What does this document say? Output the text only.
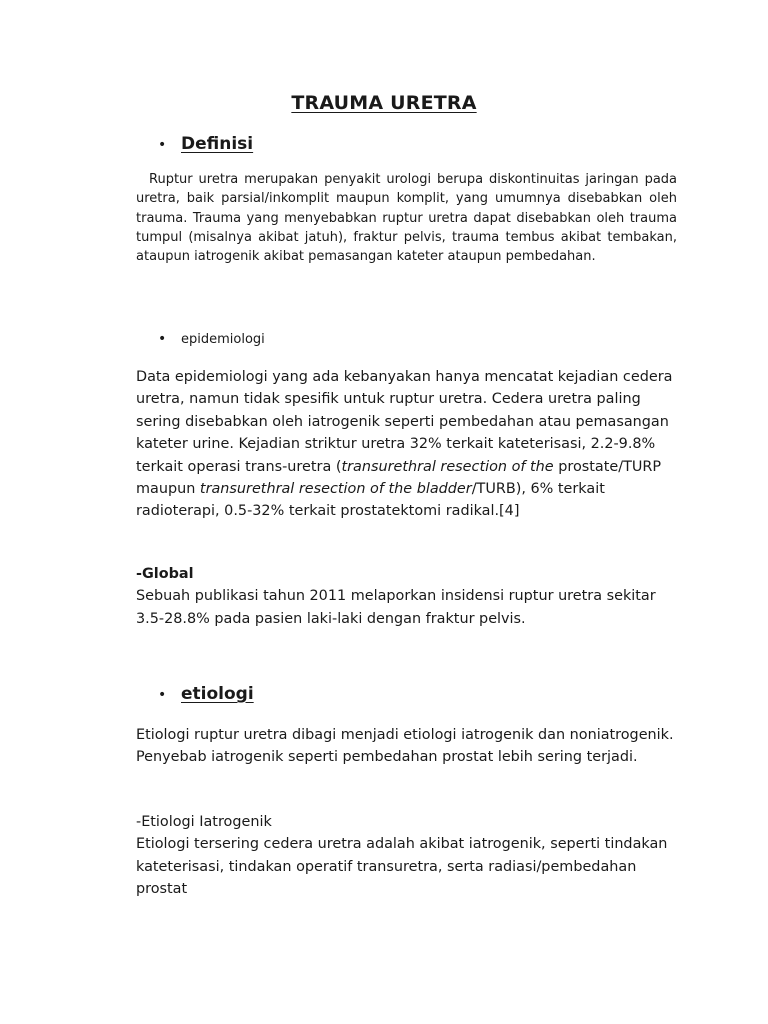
TRAUMA URETRA
• Definisi
Ruptur uretra merupakan penyakit urologi berupa diskontinuitas jaringan pada uretra, baik parsial/inkomplit maupun komplit, yang umumnya disebabkan oleh trauma. Trauma yang menyebabkan ruptur uretra dapat disebabkan oleh trauma tumpul (misalnya akibat jatuh), fraktur pelvis, trauma tembus akibat tembakan, ataupun iatrogenik akibat pemasangan kateter ataupun pembedahan.
•	epidemiologi
Data epidemiologi yang ada kebanyakan hanya mencatat kejadian cedera uretra, namun tidak spesifik untuk ruptur uretra. Cedera uretra paling sering disebabkan oleh iatrogenik seperti pembedahan atau pemasangan kateter urine. Kejadian striktur uretra 32% terkait kateterisasi, 2.2-9.8% terkait operasi trans-uretra (transurethral resection of the prostate/TURP maupun transurethral resection of the bladder/TURB), 6% terkait radioterapi, 0.5-32% terkait prostatektomi radikal.[4]
-Global
Sebuah publikasi tahun 2011 melaporkan insidensi ruptur uretra sekitar 3.5-28.8% pada pasien laki-laki dengan fraktur pelvis.
• etiologi
Etiologi ruptur uretra dibagi menjadi etiologi iatrogenik dan noniatrogenik. Penyebab iatrogenik seperti pembedahan prostat lebih sering terjadi.
-Etiologi Iatrogenik
Etiologi tersering cedera uretra adalah akibat iatrogenik, seperti tindakan kateterisasi, tindakan operatif transuretra, serta radiasi/pembedahan prostat
